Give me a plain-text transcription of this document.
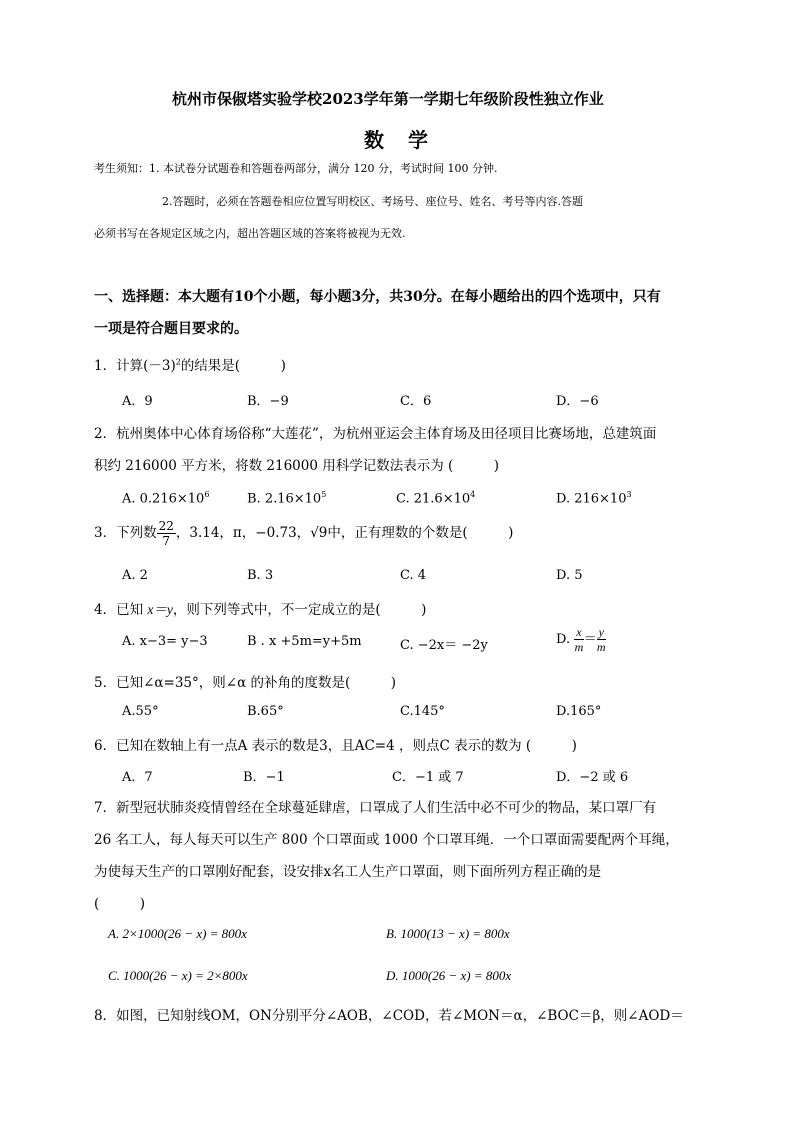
杭州市保俶塔实验学校2023学年第一学期七年级阶段性独立作业
数　学
考生须知：1. 本试卷分试题卷和答题卷两部分，满分 120 分，考试时间 100 分钟.
2.答题时，必须在答题卷相应位置写明校区、考场号、座位号、姓名、考号等内容.答题
必须书写在各规定区域之内，超出答题区域的答案将被视为无效.
一、选择题：本大题有10个小题，每小题3分，共30分。在每小题给出的四个选项中，只有
一项是符合题目要求的。
1．计算$(-3)^2$的结果是(　　　)
A．9	B．−9	C．6	D．−6
2．杭州奥体中心体育场俗称“大莲花”，为杭州亚运会主体育场及田径项目比赛场地，总建筑面
积约 216000 平方米，将数 216000 用科学记数法表示为 (　　　)
A. $0.216\times 10^6$	B. $2.16\times 10^5$	C. $21.6\times 10^4$	D. $216\times 10^3$
3．下列数 $\frac{22}{7}$ ，3.14，π，−0.73，√9中，正有理数的个数是(　　　)
A. 2	B. 3	C. 4	D. 5
4．已知 x＝y，则下列等式中，不一定成立的是(　　　)
A. x−3= y−3	B . x +5m=y+5m	C. −2x＝ −2y	D. $\frac{x}{m} = \frac{y}{m}$
5．已知∠α=35°，则∠α 的补角的度数是(　　　)
A.55°	B.65°	C.145°	D.165°
6．已知在数轴上有一点A 表示的数是3，且AC=4 ，则点C 表示的数为 (　　　)
A．7	B．−1	C．−1 或 7	D．−2 或 6
7．新型冠状肺炎疫情曾经在全球蔓延肆虐，口罩成了人们生活中必不可少的物品，某口罩厂有
26 名工人，每人每天可以生产 800 个口罩面或 1000 个口罩耳绳．一个口罩面需要配两个耳绳，
为使每天生产的口罩刚好配套，设安排x名工人生产口罩面，则下面所列方程正确的是
(　　　)
A. 2×1000(26 − x) = 800x	B. 1000(13 − x) = 800x
C. 1000(26 − x) = 2×800x	D. 1000(26 − x) = 800x
8．如图，已知射线OM，ON分别平分∠AOB，∠COD，若∠MON＝α，∠BOC＝β，则∠AOD＝
